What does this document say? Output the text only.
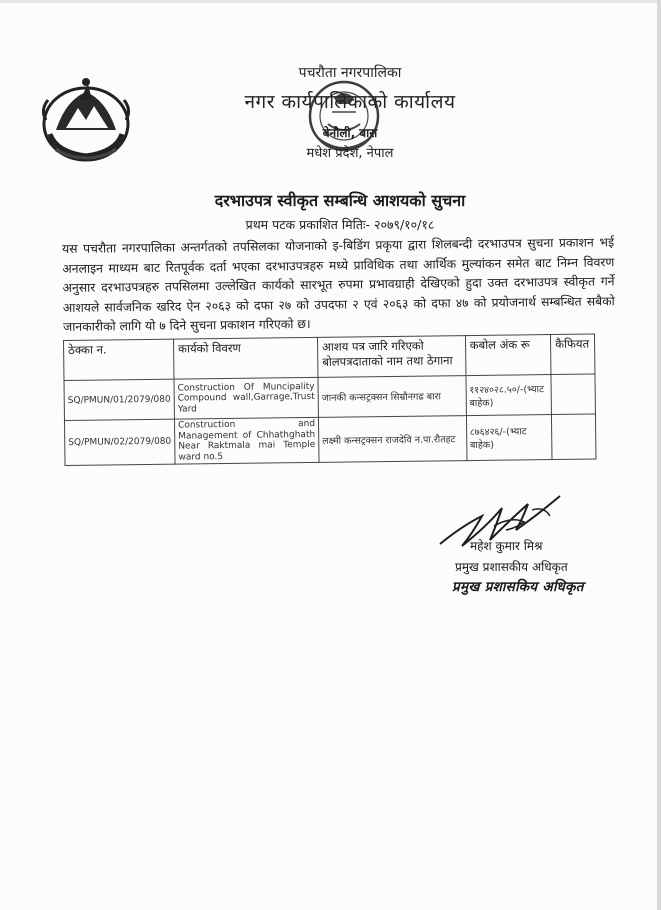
पचरौता नगरपालिका
नगर कार्यपालिकाको कार्यालय
बेनौली, बारा
मधेश प्रदेश, नेपाल
दरभाउपत्र स्वीकृत सम्बन्धि आशयको सुचना
प्रथम पटक प्रकाशित मितिः- २०७९/१०/१८
यस पचरौता नगरपालिका अन्तर्गतको तपसिलका योजनाको इ-बिडिंग प्रकृया द्वारा शिलबन्दी दरभाउपत्र सुचना प्रकाशन भई अनलाइन माध्यम बाट रितपूर्वक दर्ता भएका दरभाउपत्रहरु मध्ये प्राविधिक तथा आर्थिक मुल्यांकन समेत बाट निम्न विवरण अनुसार दरभाउपत्रहरु तपसिलमा उल्लेखित कार्यको सारभूत रुपमा प्रभावग्राही देखिएको हुदा उक्त दरभाउपत्र स्वीकृत गर्ने आशयले सार्वजनिक खरिद ऐन २०६३ को दफा २७ को उपदफा २ एवं २०६३ को दफा ४७ को प्रयोजनार्थ सम्बन्धित सबैको जानकारीको लागि यो ७ दिने सुचना प्रकाशन गरिएको छ।
ठेक्का न.	कार्यको विवरण	आशय पत्र जारि गरिएको बोलपत्रदाताको नाम तथा ठेगाना	कबोल अंक रू	कैफियत
SQ/PMUN/01/2079/080	Construction Of Muncipality Compound wall,Garrage,Trust Yard	जानकी कन्सट्रक्सन सिम्रौनगढ बारा	११२४०२८.५०/-(भ्याट बाहेक)	
SQ/PMUN/02/2079/080	Construction and Management of Chhathghath Near Raktmala mai Temple ward no.5	लक्ष्मी कन्सट्रक्सन राजदेवि न.पा.रौतहट	८७६४२६/-(भ्याट बाहेक)	
महेश कुमार मिश्र
प्रमुख प्रशासकीय अधिकृत
प्रमुख प्रशासकिय अधिकृत
